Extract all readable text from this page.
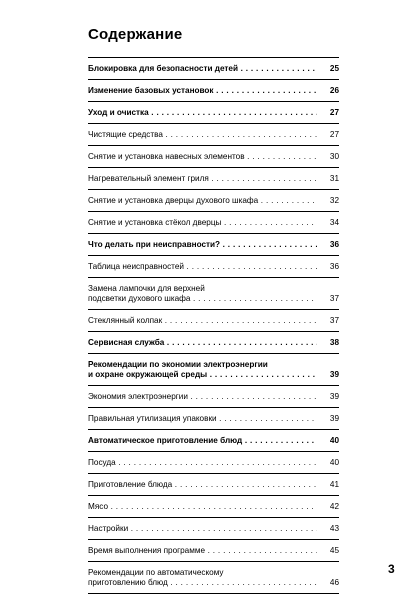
Содержание
Блокировка для безопасности детей . . .	25
Изменение базовых установок . . .	26
Уход и очистка . . .	27
Чистящие средства . . .	27
Снятие и установка навесных элементов . . .	30
Нагревательный элемент гриля . . .	31
Снятие и установка дверцы духового шкафа . . .	32
Снятие и установка стёкол дверцы . . .	34
Что делать при неисправности? . . .	36
Таблица неисправностей . . .	36
Замена лампочки для верхней
подсветки духового шкафа . . .	37
Стеклянный колпак . . .	37
Сервисная служба . . .	38
Рекомендации по экономии электроэнергии
и охране окружающей среды . . .	39
Экономия электроэнергии . . .	39
Правильная утилизация упаковки . . .	39
Автоматическое приготовление блюд . . .	40
Посуда . . .	40
Приготовление блюда . . .	41
Мясо . . .	42
Настройки . . .	43
Время выполнения программе . . .	45
Рекомендации по автоматическому
приготовлению блюд . . .	46
3
